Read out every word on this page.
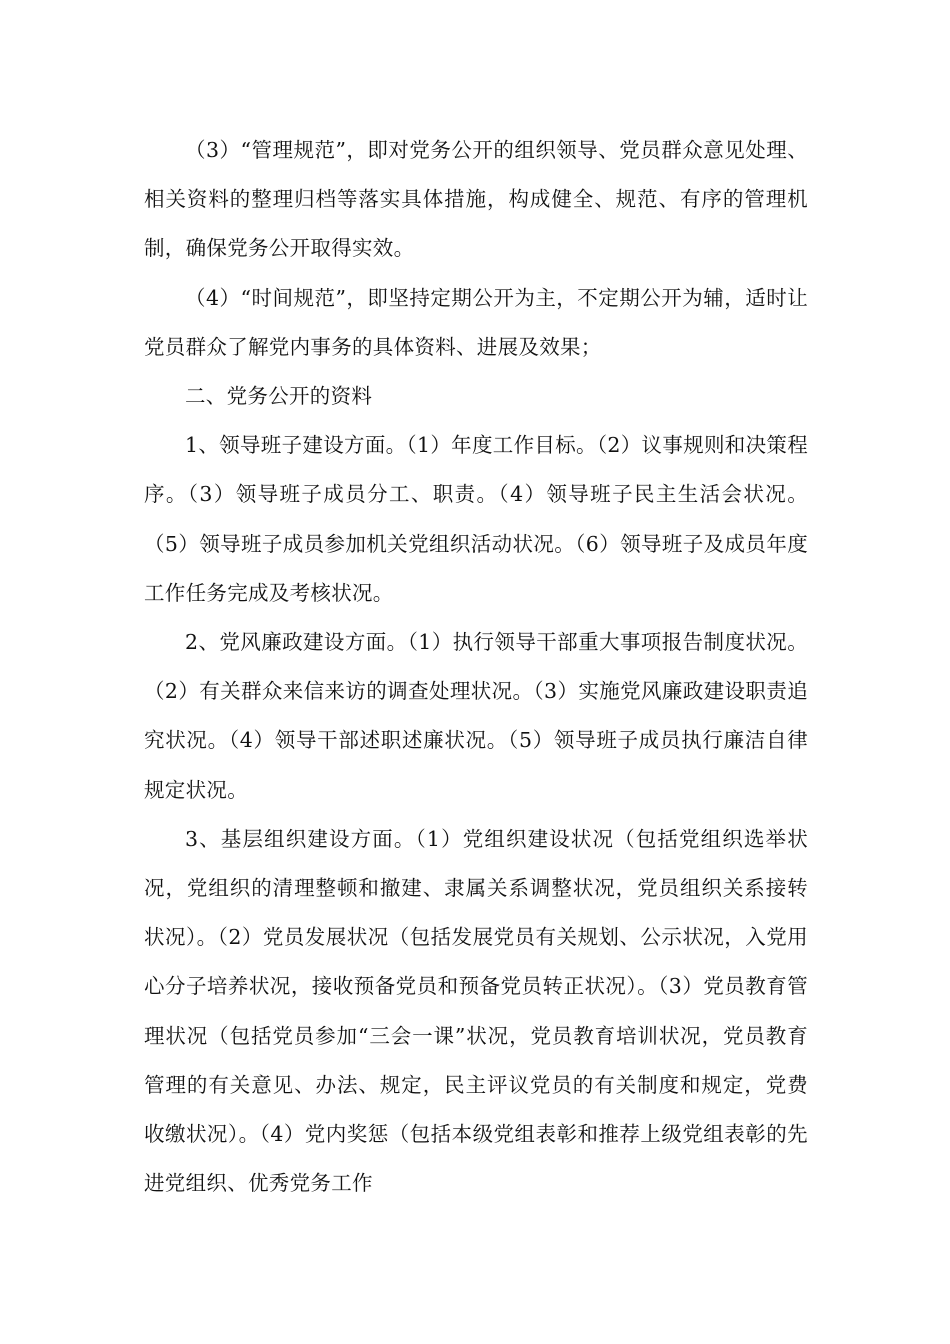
（3）“管理规范”，即对党务公开的组织领导、党员群众意见处理、相关资料的整理归档等落实具体措施，构成健全、规范、有序的管理机制，确保党务公开取得实效。

（4）“时间规范”，即坚持定期公开为主，不定期公开为辅，适时让党员群众了解党内事务的具体资料、进展及效果；

二、党务公开的资料

1、领导班子建设方面。（1）年度工作目标。（2）议事规则和决策程序。（3）领导班子成员分工、职责。（4）领导班子民主生活会状况。（5）领导班子成员参加机关党组织活动状况。（6）领导班子及成员年度工作任务完成及考核状况。

2、党风廉政建设方面。（1）执行领导干部重大事项报告制度状况。（2）有关群众来信来访的调查处理状况。（3）实施党风廉政建设职责追究状况。（4）领导干部述职述廉状况。（5）领导班子成员执行廉洁自律规定状况。

3、基层组织建设方面。（1）党组织建设状况（包括党组织选举状况，党组织的清理整顿和撤建、隶属关系调整状况，党员组织关系接转状况）。（2）党员发展状况（包括发展党员有关规划、公示状况，入党用心分子培养状况，接收预备党员和预备党员转正状况）。（3）党员教育管理状况（包括党员参加“三会一课”状况，党员教育培训状况，党员教育管理的有关意见、办法、规定，民主评议党员的有关制度和规定，党费收缴状况）。（4）党内奖惩（包括本级党组表彰和推荐上级党组表彰的先进党组织、优秀党务工作
